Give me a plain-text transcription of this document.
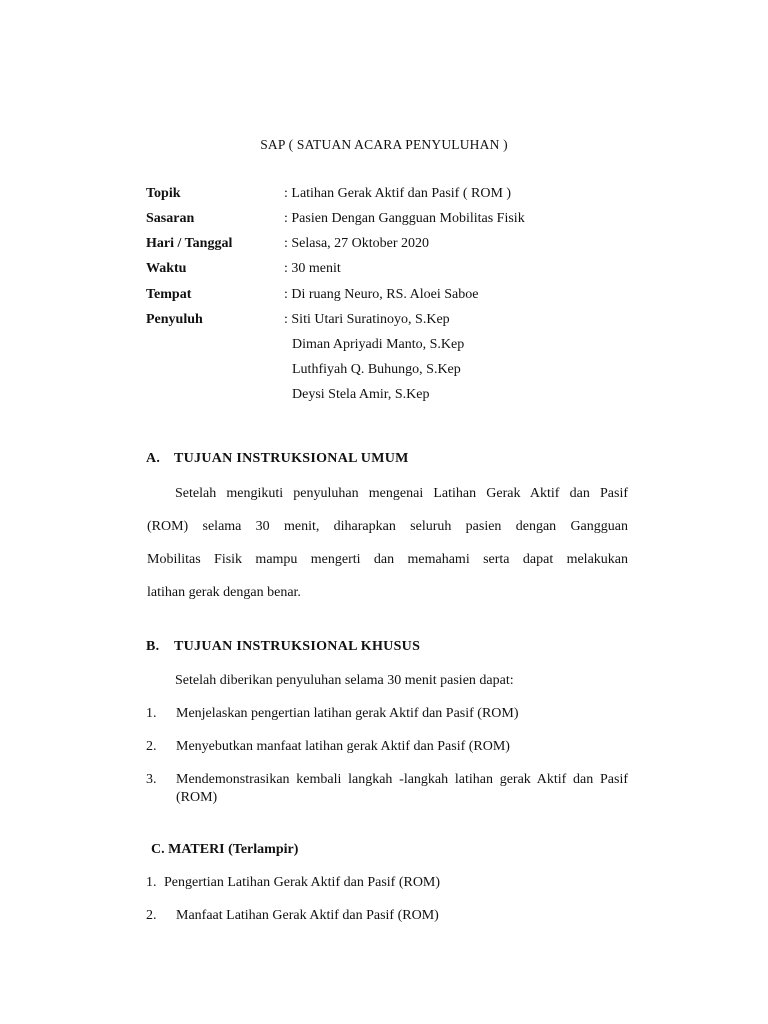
SAP ( SATUAN ACARA PENYULUHAN )
Topik	: Latihan Gerak Aktif dan Pasif ( ROM )
Sasaran	: Pasien Dengan Gangguan Mobilitas Fisik
Hari / Tanggal	: Selasa, 27 Oktober 2020
Waktu	: 30 menit
Tempat	: Di ruang Neuro, RS. Aloei Saboe
Penyuluh	: Siti Utari Suratinoyo, S.Kep
Diman Apriyadi Manto, S.Kep
Luthfiyah Q. Buhungo, S.Kep
Deysi Stela Amir, S.Kep
A. TUJUAN INSTRUKSIONAL UMUM
Setelah mengikuti penyuluhan mengenai Latihan Gerak Aktif dan Pasif
(ROM) selama 30 menit, diharapkan seluruh pasien dengan Gangguan
Mobilitas Fisik mampu mengerti dan memahami serta dapat melakukan
latihan gerak dengan benar.
B. TUJUAN INSTRUKSIONAL KHUSUS
Setelah diberikan penyuluhan selama 30 menit pasien dapat:
1. Menjelaskan pengertian latihan gerak Aktif dan Pasif (ROM)
2. Menyebutkan manfaat latihan gerak Aktif dan Pasif (ROM)
3. Mendemonstrasikan kembali langkah -langkah latihan gerak Aktif dan Pasif
(ROM)
C. MATERI (Terlampir)
1. Pengertian Latihan Gerak Aktif dan Pasif (ROM)
2. Manfaat Latihan Gerak Aktif dan Pasif (ROM)
